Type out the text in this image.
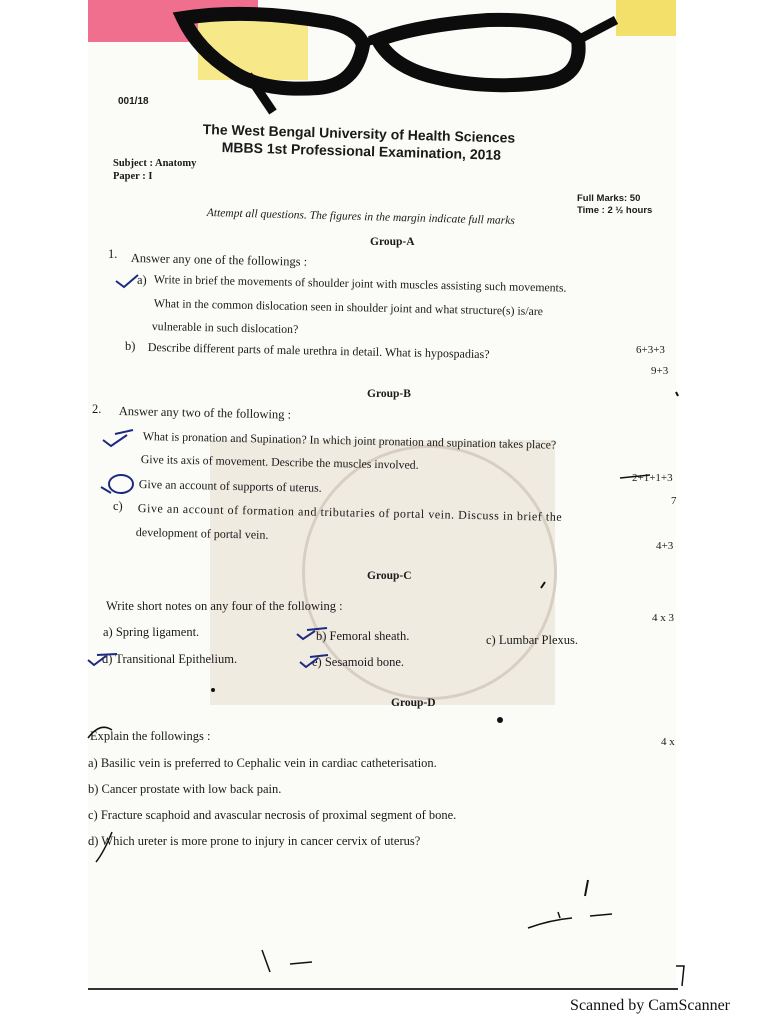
001/18
The West Bengal University of Health Sciences
MBBS 1st Professional Examination, 2018
Subject : Anatomy
Paper : I
Full Marks: 50
Time : 2 ½ hours
Attempt all questions. The figures in the margin indicate full marks
Group-A
1. Answer any one of the followings :
a) Write in brief the movements of shoulder joint with muscles assisting such movements.
What in the common dislocation seen in shoulder joint and what structure(s) is/are
vulnerable in such dislocation?
6+3+3
b) Describe different parts of male urethra in detail. What is hypospadias?
9+3
Group-B
2. Answer any two of the following :
What is pronation and Supination? In which joint pronation and supination takes place?
Give its axis of movement. Describe the muscles involved.
2+1+1+3
Give an account of supports of uterus.
7
c) Give an account of formation and tributaries of portal vein. Discuss in brief the
development of portal vein.
4+3
Group-C
Write short notes on any four of the following :
4 x 3
a) Spring ligament.	b) Femoral sheath.	c) Lumbar Plexus.
d) Transitional Epithelium.	e) Sesamoid bone.
Group-D
Explain the followings :	4 x
a) Basilic vein is preferred to Cephalic vein in cardiac catheterisation.
b) Cancer prostate with low back pain.
c) Fracture scaphoid and avascular necrosis of proximal segment of bone.
d) Which ureter is more prone to injury in cancer cervix of uterus?
Scanned by CamScanner
